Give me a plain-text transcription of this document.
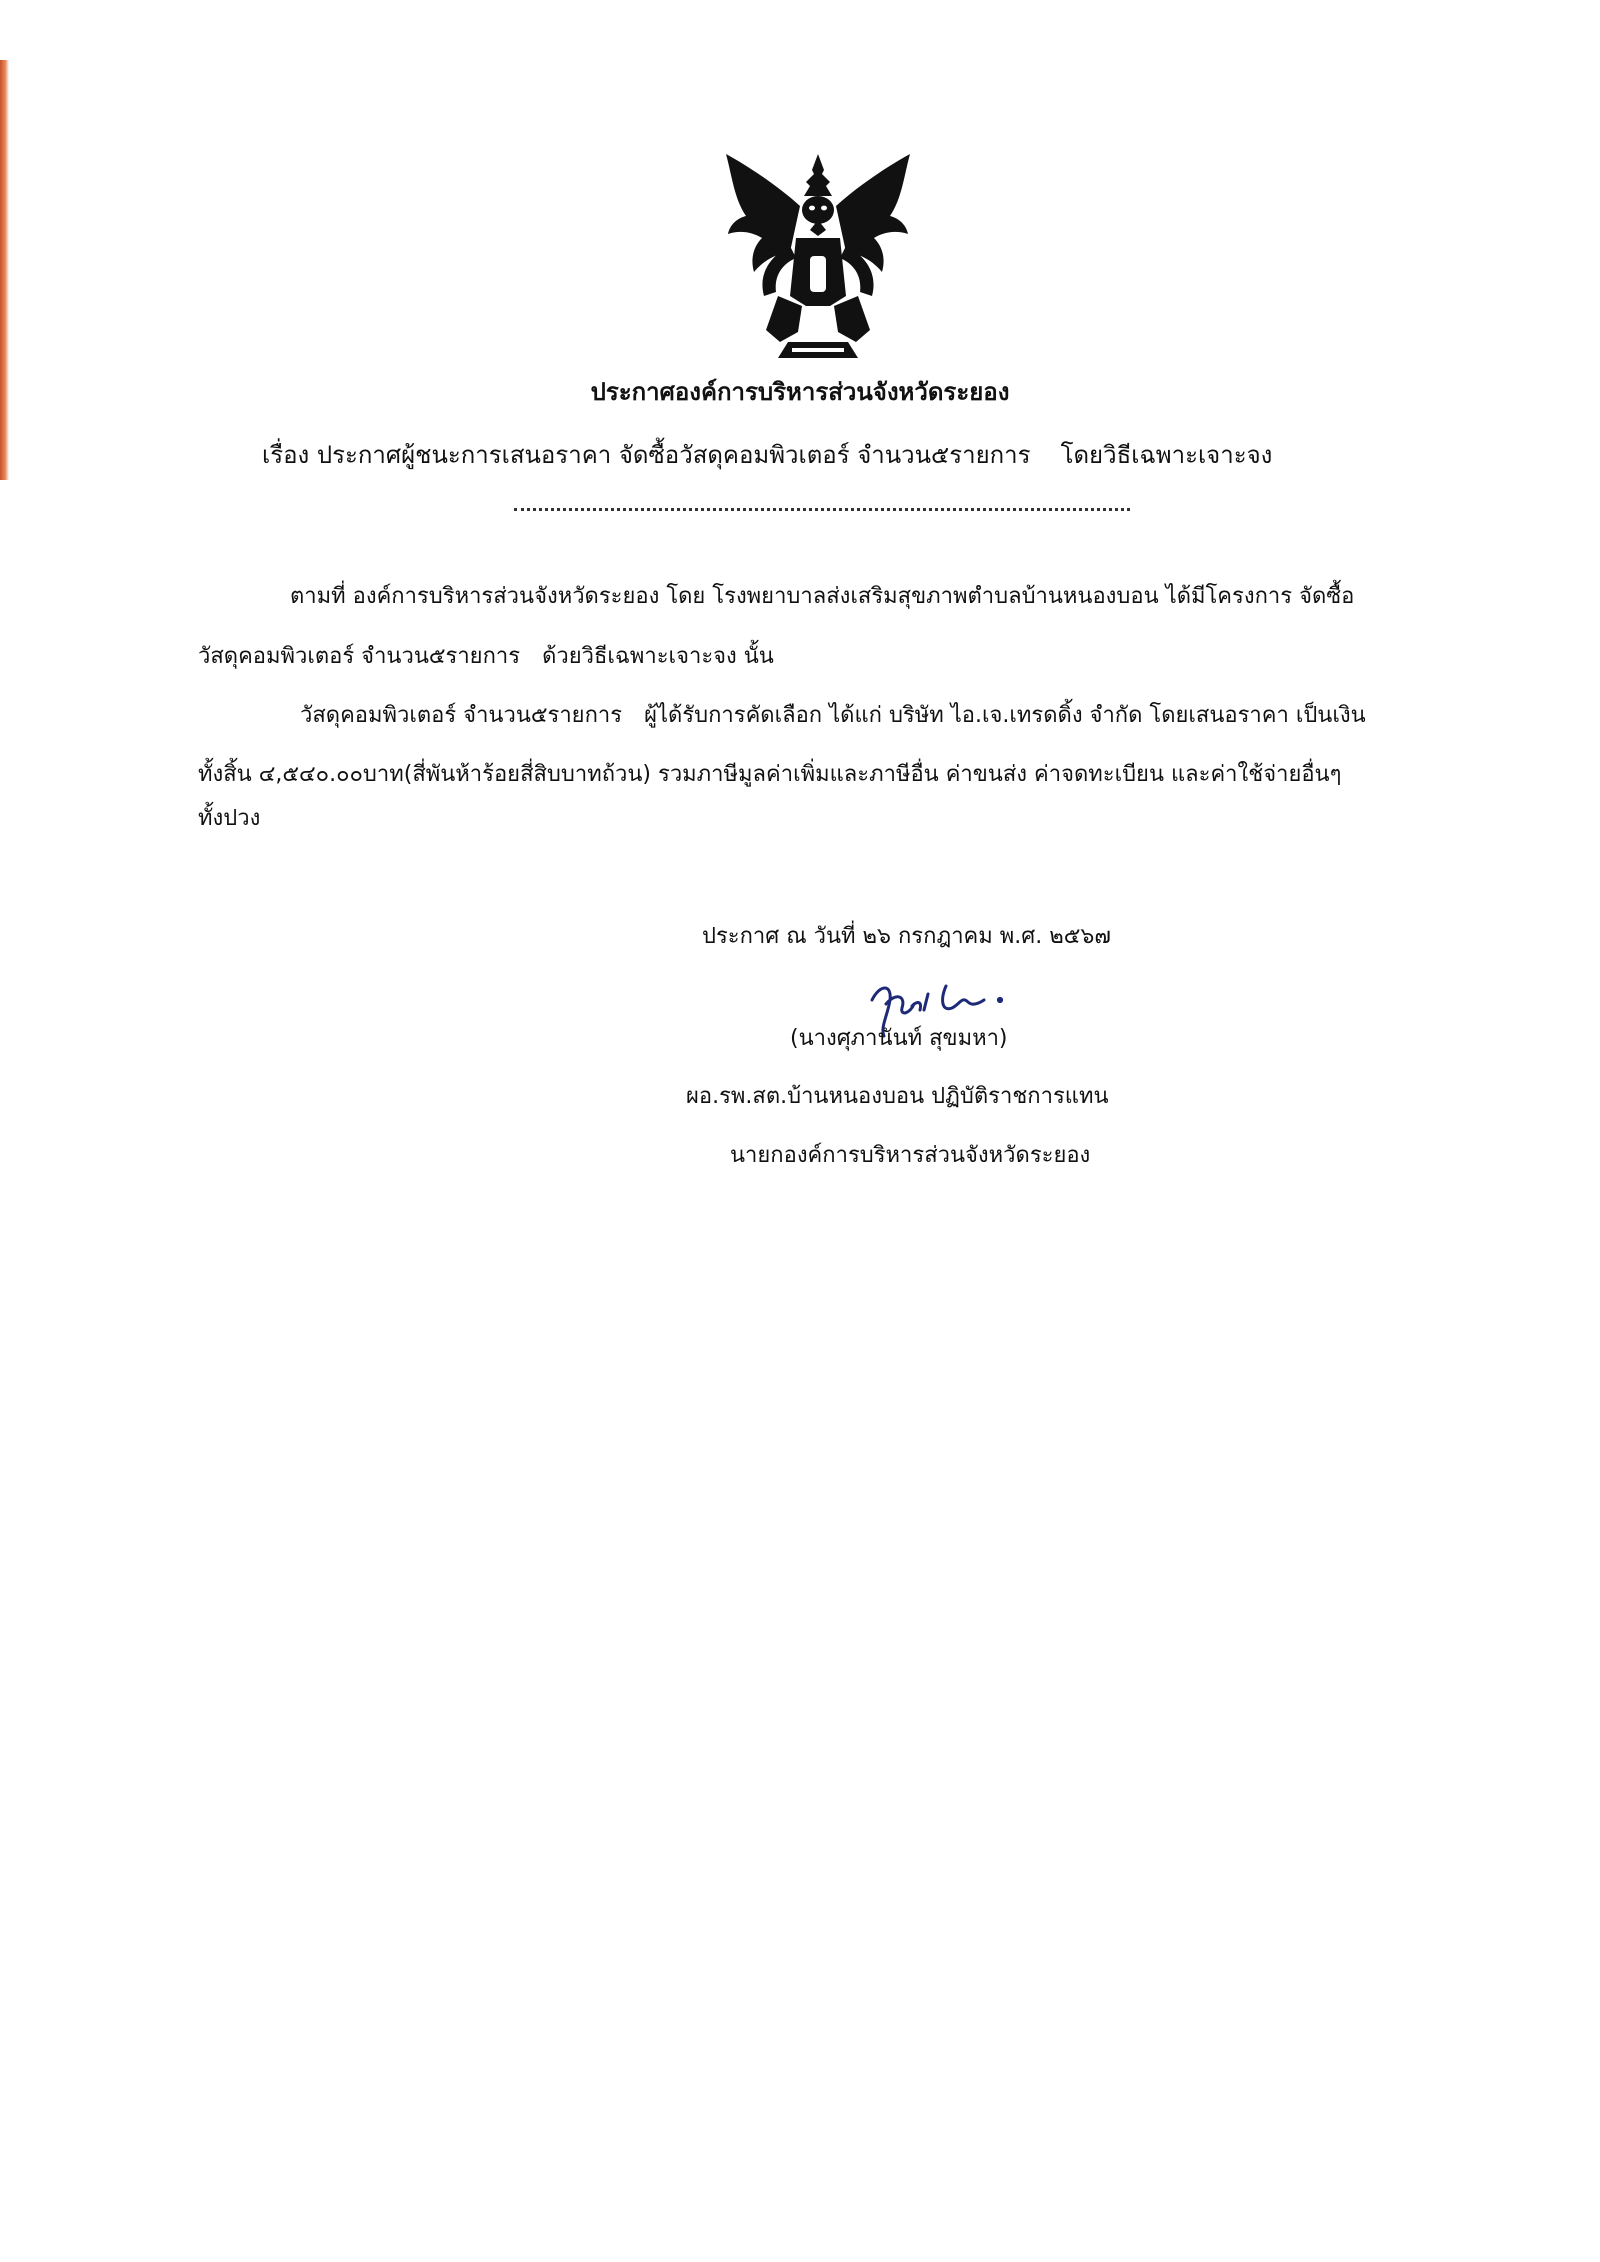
ประกาศองค์การบริหารส่วนจังหวัดระยอง
เรื่อง ประกาศผู้ชนะการเสนอราคา จัดซื้อวัสดุคอมพิวเตอร์ จำนวน๕รายการ โดยวิธีเฉพาะเจาะจง
ตามที่ องค์การบริหารส่วนจังหวัดระยอง โดย โรงพยาบาลส่งเสริมสุขภาพตำบลบ้านหนองบอน ได้มีโครงการ จัดซื้อ
วัสดุคอมพิวเตอร์ จำนวน๕รายการ ด้วยวิธีเฉพาะเจาะจง นั้น
วัสดุคอมพิวเตอร์ จำนวน๕รายการ ผู้ได้รับการคัดเลือก ได้แก่ บริษัท ไอ.เจ.เทรดดิ้ง จำกัด โดยเสนอราคา เป็นเงิน
ทั้งสิ้น ๔,๕๔๐.๐๐บาท(สี่พันห้าร้อยสี่สิบบาทถ้วน) รวมภาษีมูลค่าเพิ่มและภาษีอื่น ค่าขนส่ง ค่าจดทะเบียน และค่าใช้จ่ายอื่นๆ
ทั้งปวง
ประกาศ ณ วันที่ ๒๖ กรกฎาคม พ.ศ. ๒๕๖๗
(นางศุภานันท์ สุขมหา)
ผอ.รพ.สต.บ้านหนองบอน ปฏิบัติราชการแทน
นายกองค์การบริหารส่วนจังหวัดระยอง
